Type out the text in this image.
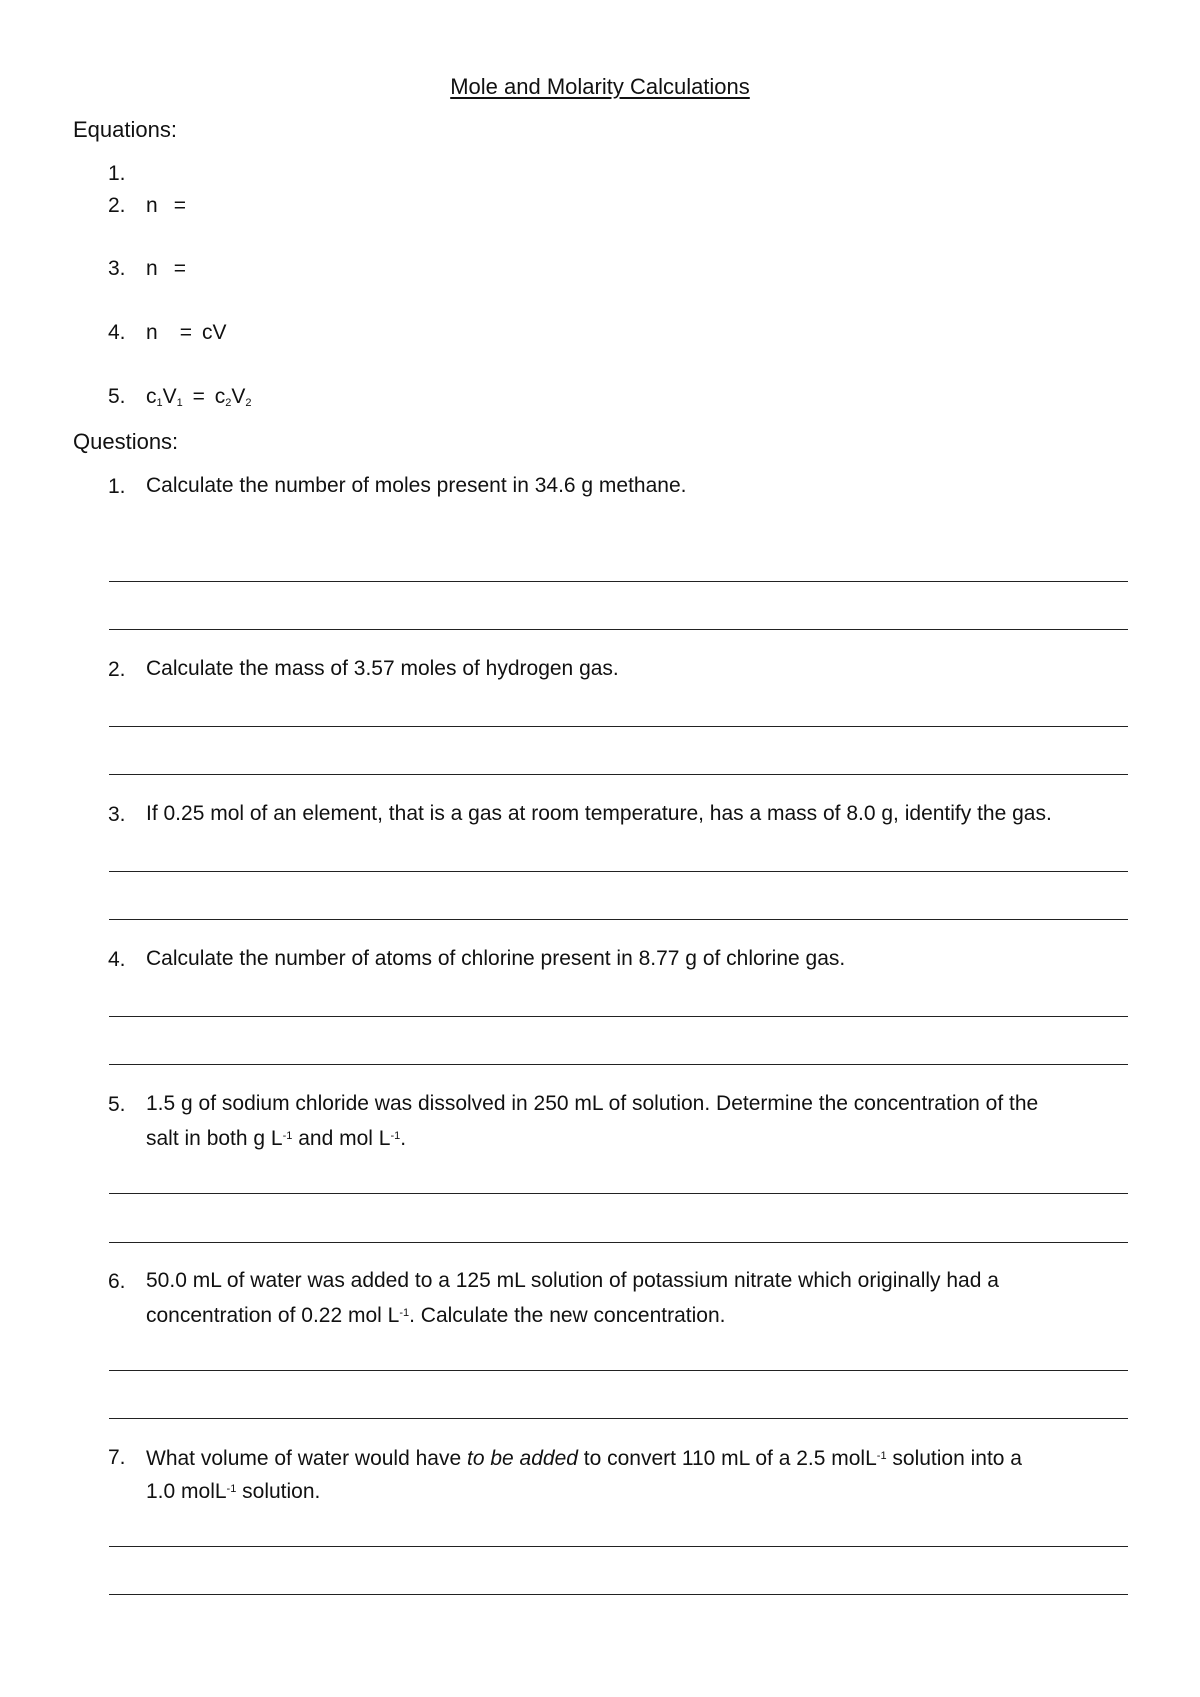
Mole and Molarity Calculations
Equations:
1.
2. n =
3. n =
4. n = cV
5. $c_1V_1 = c_2V_2$
Questions:
1. Calculate the number of moles present in 34.6 g methane.
2. Calculate the mass of 3.57 moles of hydrogen gas.
3. If 0.25 mol of an element, that is a gas at room temperature, has a mass of 8.0 g, identify the gas.
4. Calculate the number of atoms of chlorine present in 8.77 g of chlorine gas.
5. 1.5 g of sodium chloride was dissolved in 250 mL of solution. Determine the concentration of the
salt in both g $L^{-1}$ and mol $L^{-1}$.
6. 50.0 mL of water was added to a 125 mL solution of potassium nitrate which originally had a
concentration of 0.22 mol $L^{-1}$. Calculate the new concentration.
7. What volume of water would have to be added to convert 110 mL of a 2.5 molL$^{-1}$ solution into a
1.0 molL$^{-1}$ solution.
